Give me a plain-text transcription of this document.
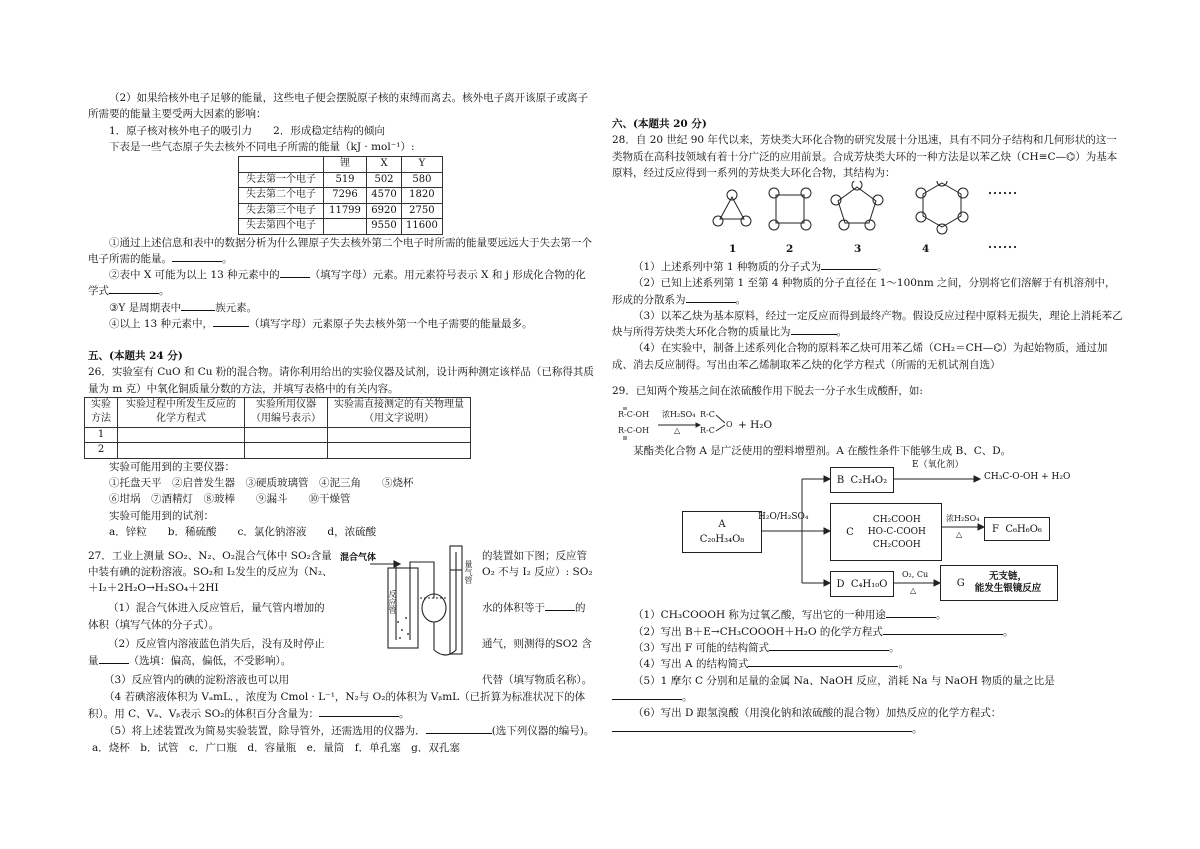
（2）如果给核外电子足够的能量，这些电子便会摆脱原子核的束缚而离去。核外电子离开该原子或离子所需要的能量主要受两大因素的影响：

1．原子核对核外电子的吸引力　　2．形成稳定结构的倾向

下表是一些气态原子失去核外不同电子所需的能量（kJ · mol⁻¹）:

	锂	X	Y
失去第一个电子	519	502	580
失去第二个电子	7296	4570	1820
失去第三个电子	11799	6920	2750
失去第四个电子		9550	11600

①通过上述信息和表中的数据分析为什么锂原子失去核外第二个电子时所需的能量要远远大于失去第一个电子所需的能量。	。

②表中 X 可能为以上 13 种元素中的	（填写字母）元素。用元素符号表示 X 和 j 形成化合物的化学式	。

③Y 是周期表中	族元素。

④以上 13 种元素中，	（填写字母）元素原子失去核外第一个电子需要的能量最多。

五、(本题共 24 分)

26．实验室有 CuO 和 Cu 粉的混合物。请你利用给出的实验仪器及试剂，设计两种测定该样品（已称得其质量为 m 克）中氧化铜质量分数的方法，并填写表格中的有关内容。

实验方法	实验过程中所发生反应的化学方程式	实验所用仪器（用编号表示）	实验需直接测定的有关物理量（用文字说明）
1			
2			

实验可能用到的主要仪器：

①托盘天平　②启普发生器　③硬质玻璃管　④泥三角　　⑤烧杯

⑥坩埚　⑦酒精灯　⑧玻棒　　⑨漏斗　　⑩干燥管

实验可能用到的试剂：

a．锌粒　　b．稀硫酸　　c．氯化钠溶液　　d，浓硫酸

27．工业上测量 SO₂、N₂、O₂混合气体中 SO₂含量	的装置如下图；反应管

中装有碘的淀粉溶液。SO₂和 I₂发生的反应为（N₂、	O₂ 不与 I₂ 反应）: SO₂

＋I₂＋2H₂O→H₂SO₄＋2HI

（1）混合气体进入反应管后，量气管内增加的	水的体积等于	的

体积（填写气体的分子式）。

（2）反应管内溶液蓝色消失后，没有及时停止	通气，则测得的SO2 含

量	（选填：偏高，偏低，不受影响）。

（3）反应管内的碘的淀粉溶液也可以用	代替（填写物质名称）。

（4 若碘溶液体积为 VₐmL．，浓度为 Cmol · L⁻¹，N₂与 O₂的体积为 VᵦmL（已折算为标准状况下的体积）。用 C、Vₐ、Vᵦ表示 SO₂的体积百分含量为：	。

（5）将上述装置改为简易实验装置，除导管外，还需选用的仪器为．	(选下列仪器的编号)。

a．烧杯　b．试管　c．广口瓶　d．容量瓶　e．量筒　f．单孔塞　g．双孔塞

混合气体
反应管
量气管

六、(本题共 20 分)

28．自 20 世纪 90 年代以来，芳炔类大环化合物的研究发展十分迅速，具有不同分子结构和几何形状的这一类物质在高科技领域有着十分广泛的应用前景。合成芳炔类大环的一种方法是以苯乙炔（CH≡C—⌬）为基本原料，经过反应得到一系列的芳炔类大环化合物，其结构为：

1	2	3	4

（1）上述系列中第 1 种物质的分子式为	。

（2）已知上述系列第 1 至第 4 种物质的分子直径在 1～100nm 之间，分别将它们溶解于有机溶剂中，形成的分散系为	。

（3）以苯乙炔为基本原料，经过一定反应而得到最终产物。假设反应过程中原料无损失，理论上消耗苯乙炔与所得芳炔类大环化合物的质量比为	。

（4）在实验中，制备上述系列化合物的原料苯乙炔可用苯乙烯（CH₂＝CH—⌬）为起始物质，通过加成、消去反应制得。写出由苯乙烯制取苯乙炔的化学方程式（所需的无机试剂自选）

29．已知两个羧基之间在浓硫酸作用下脱去一分子水生成酸酐，如:

R-C-OH
R-C-OH
R-C
R-C
O
浓H₂SO₄
△	+ H₂O

某酯类化合物 A 是广泛使用的塑料增塑剂。A 在酸性条件下能够生成 B、C、D。

A
C₂₀H₃₄O₈
H₂O/H₂SO₄
B
C₂H₄O₂
E（氧化剂）
CH₃C-O-OH + H₂O
C
CH₂COOH
HO-C-COOH
CH₂COOH
浓H₂SO₄
△
F
C₆H₆O₆
D
C₄H₁₀O
O₂, Cu
△
G
无支链，
能发生银镜反应

（1）CH₃COOOH 称为过氧乙酸，写出它的一种用途	。

（2）写出 B＋E→CH₃COOOH＋H₂O 的化学方程式	。

（3）写出 F 可能的结构简式	。

（4）写出 A 的结构简式	。

（5）1 摩尔 C 分别和足量的金属 Na、NaOH 反应，消耗 Na 与 NaOH 物质的量之比是。

（6）写出 D 跟氢溴酸（用溴化钠和浓硫酸的混合物）加热反应的化学方程式：

。
